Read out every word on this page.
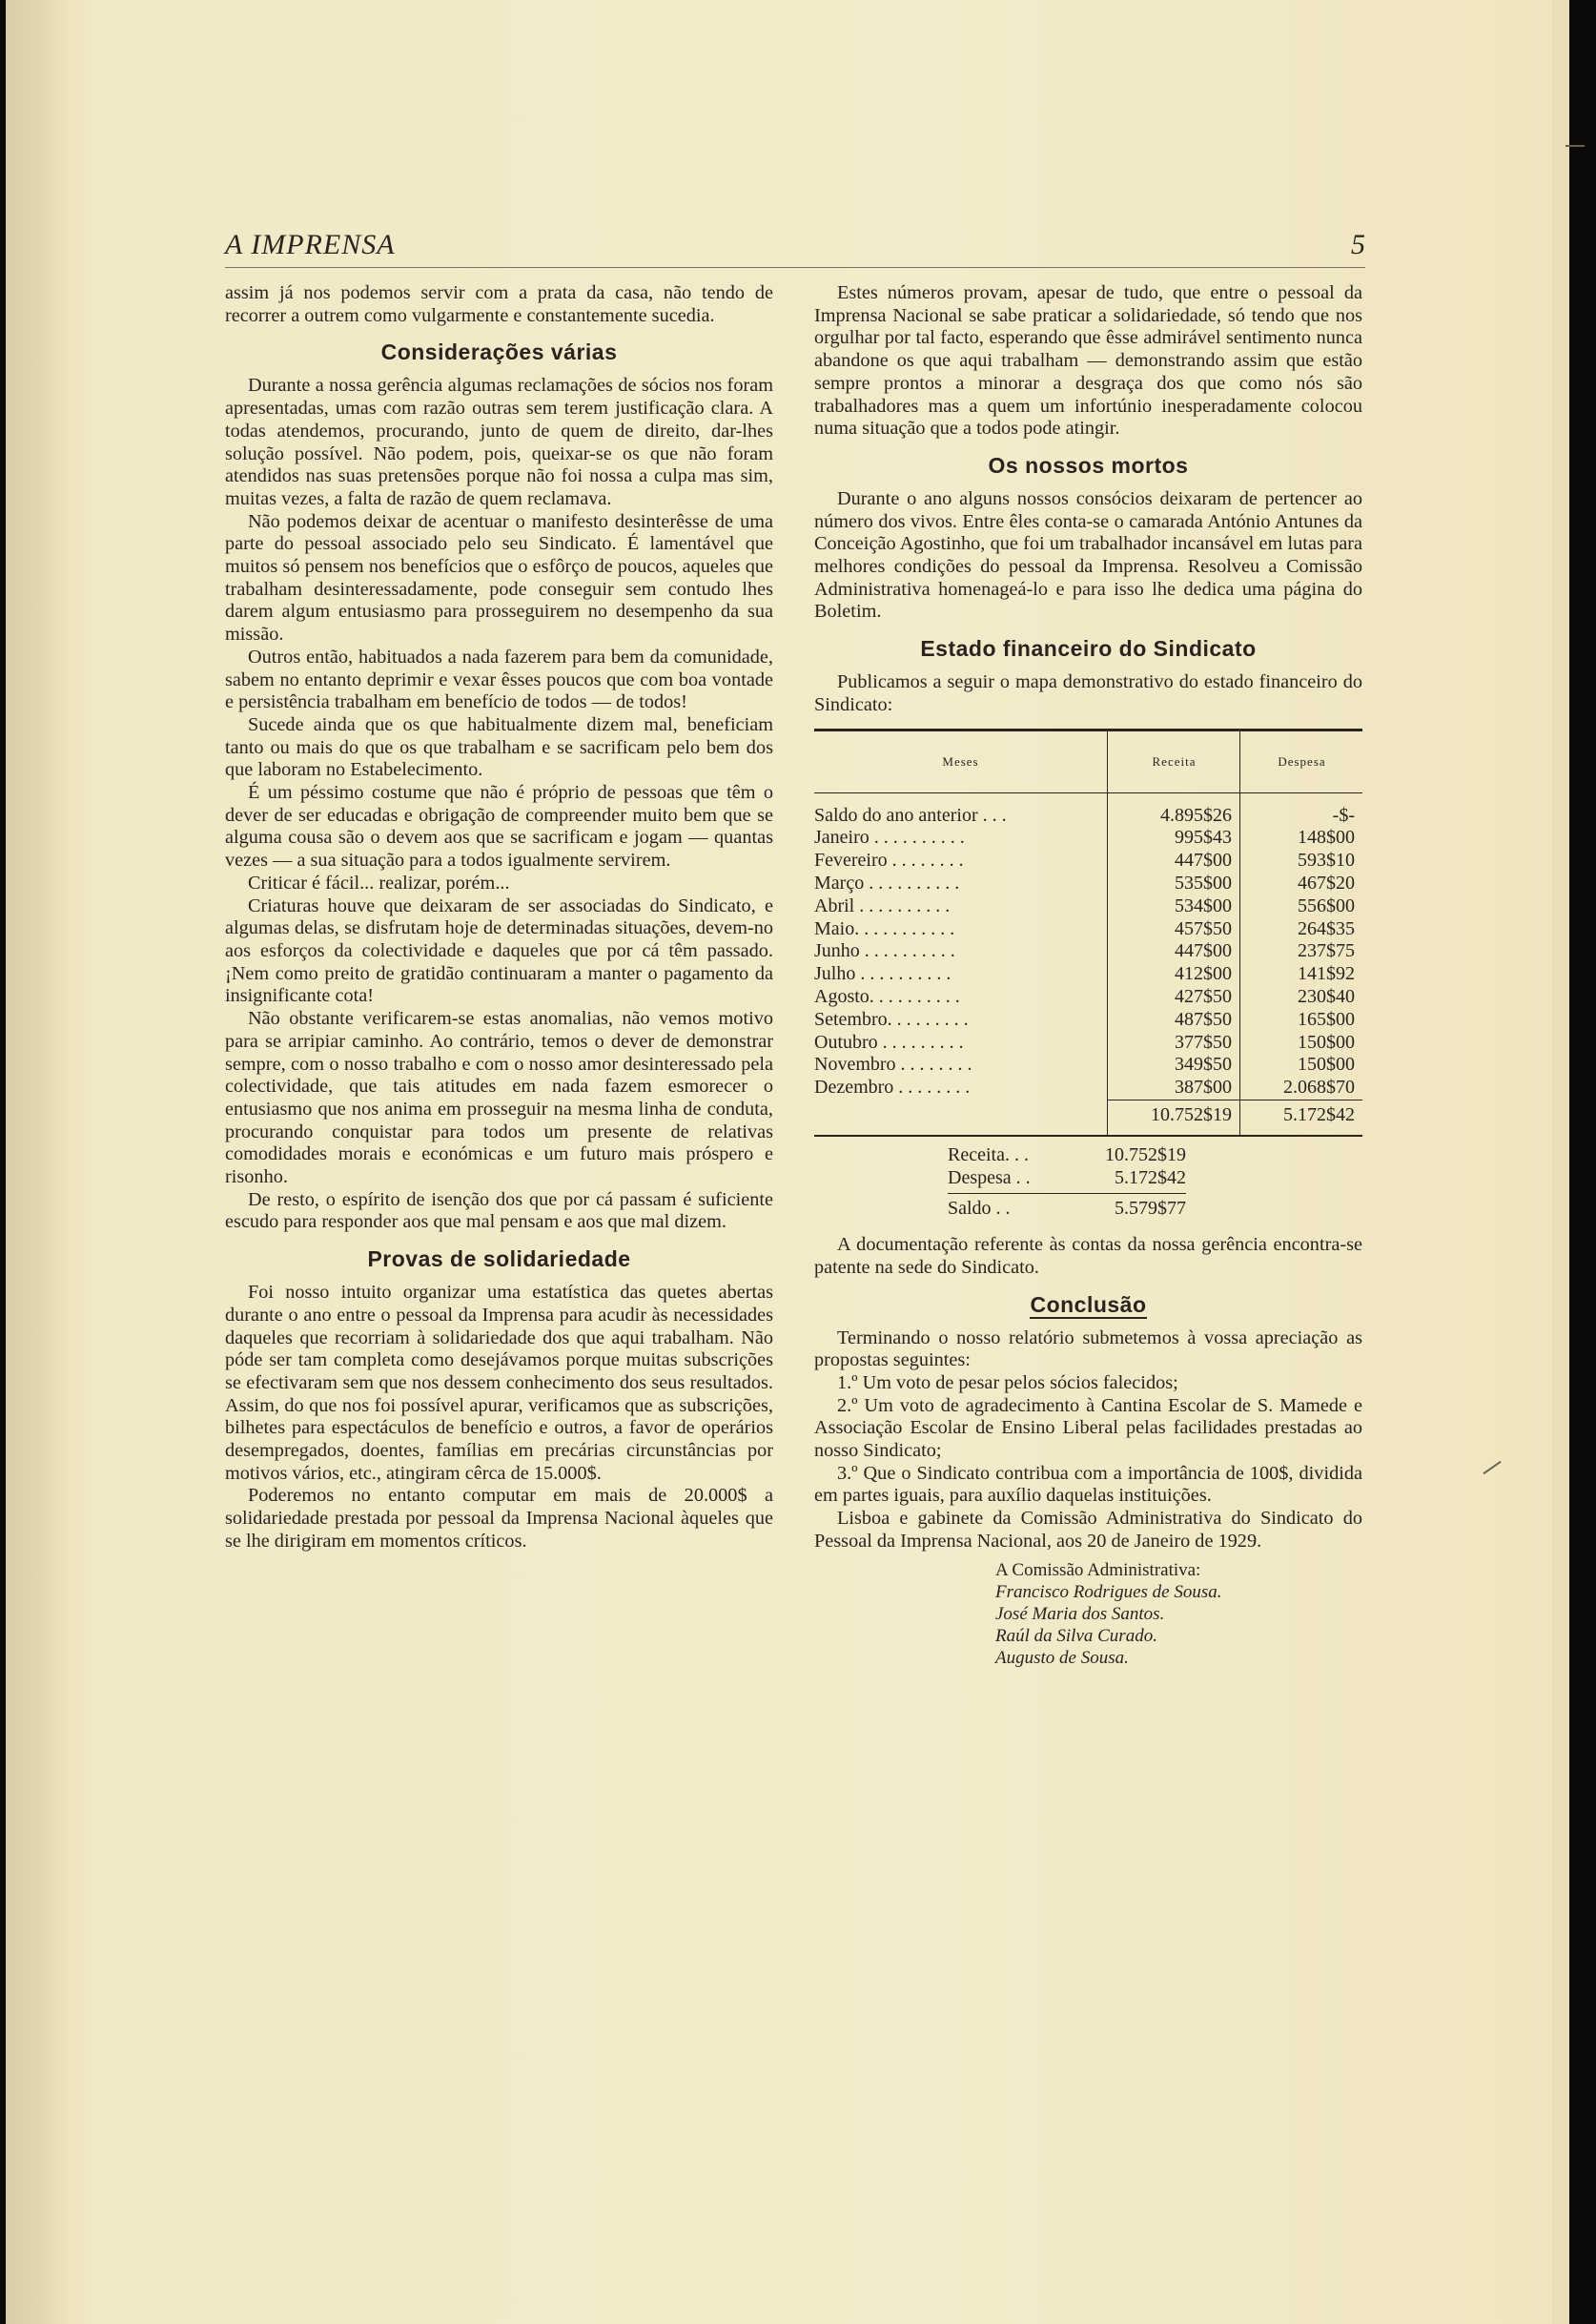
A IMPRENSA	5

assim já nos podemos servir com a prata da casa, não tendo de recorrer a outrem como vulgarmente e constantemente sucedia.

Considerações várias

Durante a nossa gerência algumas reclamações de sócios nos foram apresentadas, umas com razão outras sem terem justificação clara. A todas atendemos, procurando, junto de quem de direito, dar-lhes solução possível. Não podem, pois, queixar-se os que não foram atendidos nas suas pretensões porque não foi nossa a culpa mas sim, muitas vezes, a falta de razão de quem reclamava.

Não podemos deixar de acentuar o manifesto desinterêsse de uma parte do pessoal associado pelo seu Sindicato. É lamentável que muitos só pensem nos benefícios que o esfôrço de poucos, aqueles que trabalham desinteressadamente, pode conseguir sem contudo lhes darem algum entusiasmo para prosseguirem no desempenho da sua missão.

Outros então, habituados a nada fazerem para bem da comunidade, sabem no entanto deprimir e vexar êsses poucos que com boa vontade e persistência trabalham em benefício de todos — de todos!

Sucede ainda que os que habitualmente dizem mal, beneficiam tanto ou mais do que os que trabalham e se sacrificam pelo bem dos que laboram no Estabelecimento.

É um péssimo costume que não é próprio de pessoas que têm o dever de ser educadas e obrigação de compreender muito bem que se alguma cousa são o devem aos que se sacrificam e jogam — quantas vezes — a sua situação para a todos igualmente servirem.

Criticar é fácil... realizar, porém...

Criaturas houve que deixaram de ser associadas do Sindicato, e algumas delas, se disfrutam hoje de determinadas situações, devem-no aos esforços da colectividade e daqueles que por cá têm passado. ¡Nem como preito de gratidão continuaram a manter o pagamento da insignificante cota!

Não obstante verificarem-se estas anomalias, não vemos motivo para se arripiar caminho. Ao contrário, temos o dever de demonstrar sempre, com o nosso trabalho e com o nosso amor desinteressado pela colectividade, que tais atitudes em nada fazem esmorecer o entusiasmo que nos anima em prosseguir na mesma linha de conduta, procurando conquistar para todos um presente de relativas comodidades morais e económicas e um futuro mais próspero e risonho.

De resto, o espírito de isenção dos que por cá passam é suficiente escudo para responder aos que mal pensam e aos que mal dizem.

Provas de solidariedade

Foi nosso intuito organizar uma estatística das quetes abertas durante o ano entre o pessoal da Imprensa para acudir às necessidades daqueles que recorriam à solidariedade dos que aqui trabalham. Não póde ser tam completa como desejávamos porque muitas subscrições se efectivaram sem que nos dessem conhecimento dos seus resultados. Assim, do que nos foi possível apurar, verificamos que as subscrições, bilhetes para espectáculos de benefício e outros, a favor de operários desempregados, doentes, famílias em precárias circunstâncias por motivos vários, etc., atingiram cêrca de 15.000$.

Poderemos no entanto computar em mais de 20.000$ a solidariedade prestada por pessoal da Imprensa Nacional àqueles que se lhe dirigiram em momentos críticos.

Estes números provam, apesar de tudo, que entre o pessoal da Imprensa Nacional se sabe praticar a solidariedade, só tendo que nos orgulhar por tal facto, esperando que êsse admirável sentimento nunca abandone os que aqui trabalham — demonstrando assim que estão sempre prontos a minorar a desgraça dos que como nós são trabalhadores mas a quem um infortúnio inesperadamente colocou numa situação que a todos pode atingir.

Os nossos mortos

Durante o ano alguns nossos consócios deixaram de pertencer ao número dos vivos. Entre êles conta-se o camarada António Antunes da Conceição Agostinho, que foi um trabalhador incansável em lutas para melhores condições do pessoal da Imprensa. Resolveu a Comissão Administrativa homenageá-lo e para isso lhe dedica uma página do Boletim.

Estado financeiro do Sindicato

Publicamos a seguir o mapa demonstrativo do estado financeiro do Sindicato:

Meses	Receita	Despesa
Saldo do ano anterior . . .	4.895$26	-$-
Janeiro . . . . . . . . . .	995$43	148$00
Fevereiro . . . . . . . .	447$00	593$10
Março . . . . . . . . . .	535$00	467$20
Abril . . . . . . . . . .	534$00	556$00
Maio. . . . . . . . . . .	457$50	264$35
Junho . . . . . . . . . .	447$00	237$75
Julho . . . . . . . . . .	412$00	141$92
Agosto. . . . . . . . . .	427$50	230$40
Setembro. . . . . . . . .	487$50	165$00
Outubro . . . . . . . . .	377$50	150$00
Novembro . . . . . . . .	349$50	150$00
Dezembro . . . . . . . .	387$00	2.068$70
	10.752$19	5.172$42
Receita. . .	10.752$19
Despesa . .	5.172$42
Saldo . .	5.579$77

A documentação referente às contas da nossa gerência encontra-se patente na sede do Sindicato.

Conclusão

Terminando o nosso relatório submetemos à vossa apreciação as propostas seguintes:

1.º Um voto de pesar pelos sócios falecidos;

2.º Um voto de agradecimento à Cantina Escolar de S. Mamede e Associação Escolar de Ensino Liberal pelas facilidades prestadas ao nosso Sindicato;

3.º Que o Sindicato contribua com a importância de 100$, dividida em partes iguais, para auxílio daquelas instituições.

Lisboa e gabinete da Comissão Administrativa do Sindicato do Pessoal da Imprensa Nacional, aos 20 de Janeiro de 1929.

A Comissão Administrativa:
Francisco Rodrigues de Sousa.
José Maria dos Santos.
Raúl da Silva Curado.
Augusto de Sousa.
